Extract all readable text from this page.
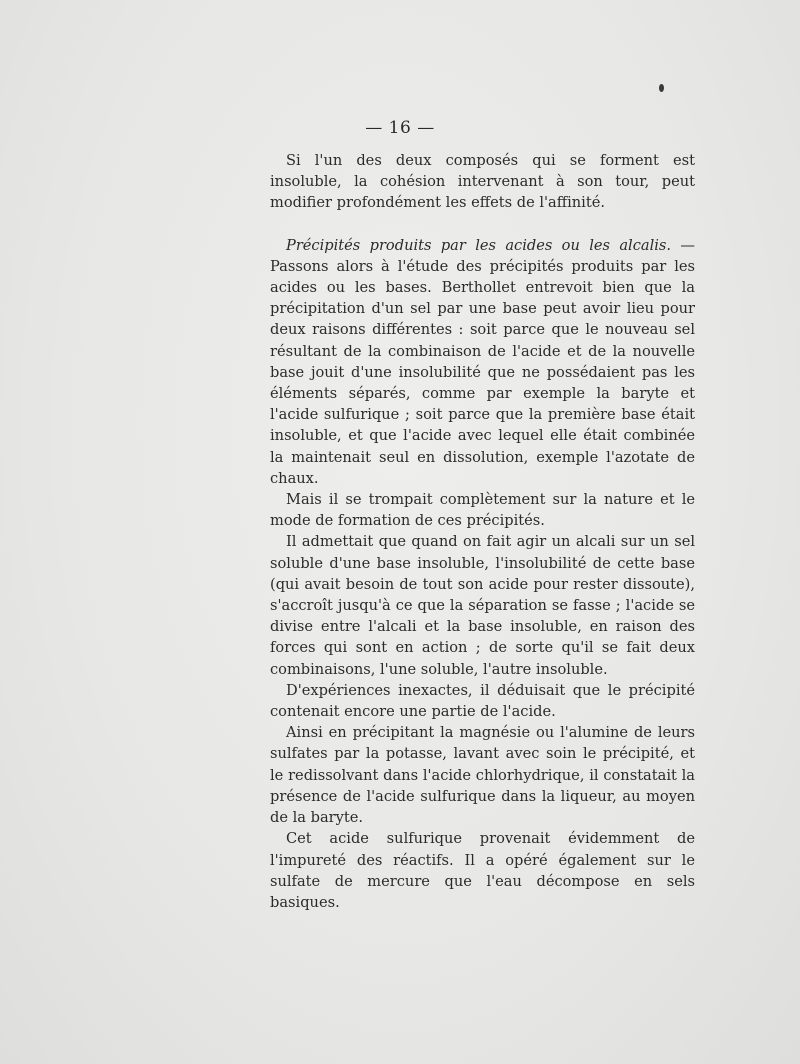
— 16 —

Si l'un des deux composés qui se forment est insoluble, la cohésion intervenant à son tour, peut modifier profondément les effets de l'affinité.

Précipités produits par les acides ou les alcalis. — Passons alors à l'étude des précipités produits par les acides ou les bases. Berthollet entrevoit bien que la précipitation d'un sel par une base peut avoir lieu pour deux raisons différentes : soit parce que le nouveau sel résultant de la combinaison de l'acide et de la nouvelle base jouit d'une insolubilité que ne possédaient pas les éléments séparés, comme par exemple la baryte et l'acide sulfurique ; soit parce que la première base était insoluble, et que l'acide avec lequel elle était combinée la maintenait seul en dissolution, exemple l'azotate de chaux.

Mais il se trompait complètement sur la nature et le mode de formation de ces précipités.

Il admettait que quand on fait agir un alcali sur un sel soluble d'une base insoluble, l'insolubilité de cette base (qui avait besoin de tout son acide pour rester dissoute), s'accroît jusqu'à ce que la séparation se fasse ; l'acide se divise entre l'alcali et la base insoluble, en raison des forces qui sont en action ; de sorte qu'il se fait deux combinaisons, l'une soluble, l'autre insoluble.

D'expériences inexactes, il déduisait que le précipité contenait encore une partie de l'acide.

Ainsi en précipitant la magnésie ou l'alumine de leurs sulfates par la potasse, lavant avec soin le précipité, et le redissolvant dans l'acide chlorhydrique, il constatait la présence de l'acide sulfurique dans la liqueur, au moyen de la baryte.

Cet acide sulfurique provenait évidemment de l'impureté des réactifs. Il a opéré également sur le sulfate de mercure que l'eau décompose en sels basiques.
